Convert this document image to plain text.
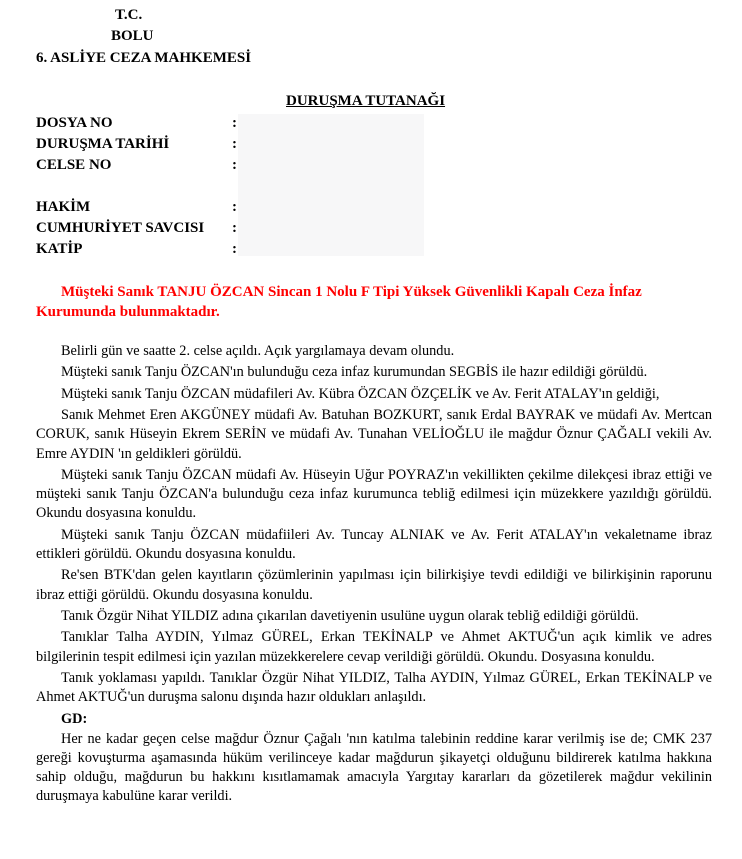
T.C.
BOLU
6. ASLİYE CEZA MAHKEMESİ
DURUŞMA TUTANAĞI
DOSYA NO	:
DURUŞMA TARİHİ	:
CELSE NO	:
HAKİM	:
CUMHURİYET SAVCISI :
KATİP	:
Müşteki Sanık TANJU ÖZCAN Sincan 1 Nolu F Tipi Yüksek Güvenlikli Kapalı Ceza İnfaz Kurumunda bulunmaktadır.

Belirli gün ve saatte 2. celse açıldı. Açık yargılamaya devam olundu.

Müşteki sanık Tanju ÖZCAN'ın bulunduğu ceza infaz kurumundan SEGBİS ile hazır edildiği görüldü.

Müşteki sanık Tanju ÖZCAN müdafileri Av. Kübra ÖZCAN ÖZÇELİK ve Av. Ferit ATALAY'ın geldiği,

Sanık Mehmet Eren AKGÜNEY müdafi Av. Batuhan BOZKURT, sanık Erdal BAYRAK ve müdafi Av. Mertcan CORUK, sanık Hüseyin Ekrem SERİN ve müdafi Av. Tunahan VELİOĞLU ile mağdur Öznur ÇAĞALI vekili Av. Emre AYDIN 'ın geldikleri görüldü.

Müşteki sanık Tanju ÖZCAN müdafi Av. Hüseyin Uğur POYRAZ'ın vekillikten çekilme dilekçesi ibraz ettiği ve müşteki sanık Tanju ÖZCAN'a bulunduğu ceza infaz kurumunca tebliğ edilmesi için müzekkere yazıldığı görüldü. Okundu dosyasına konuldu.

Müşteki sanık Tanju ÖZCAN müdafiileri Av. Tuncay ALNIAK ve Av. Ferit ATALAY'ın vekaletname ibraz ettikleri görüldü. Okundu dosyasına konuldu.

Re'sen BTK'dan gelen kayıtların çözümlerinin yapılması için bilirkişiye tevdi edildiği ve bilirkişinin raporunu ibraz ettiği görüldü. Okundu dosyasına konuldu.

Tanık Özgür Nihat YILDIZ adına çıkarılan davetiyenin usulüne uygun olarak tebliğ edildiği görüldü.

Tanıklar Talha AYDIN, Yılmaz GÜREL, Erkan TEKİNALP ve Ahmet AKTUĞ'un açık kimlik ve adres bilgilerinin tespit edilmesi için yazılan müzekkerelere cevap verildiği görüldü. Okundu. Dosyasına konuldu.

Tanık yoklaması yapıldı. Tanıklar Özgür Nihat YILDIZ, Talha AYDIN, Yılmaz GÜREL, Erkan TEKİNALP ve Ahmet AKTUĞ'un duruşma salonu dışında hazır oldukları anlaşıldı.

GD:

Her ne kadar geçen celse mağdur Öznur Çağalı 'nın katılma talebinin reddine karar verilmiş ise de; CMK 237 gereği kovuşturma aşamasında hüküm verilinceye kadar mağdurun şikayetçi olduğunu bildirerek katılma hakkına sahip olduğu, mağdurun bu hakkını kısıtlamamak amacıyla Yargıtay kararları da gözetilerek mağdur vekilinin duruşmaya kabulüne karar verildi.
